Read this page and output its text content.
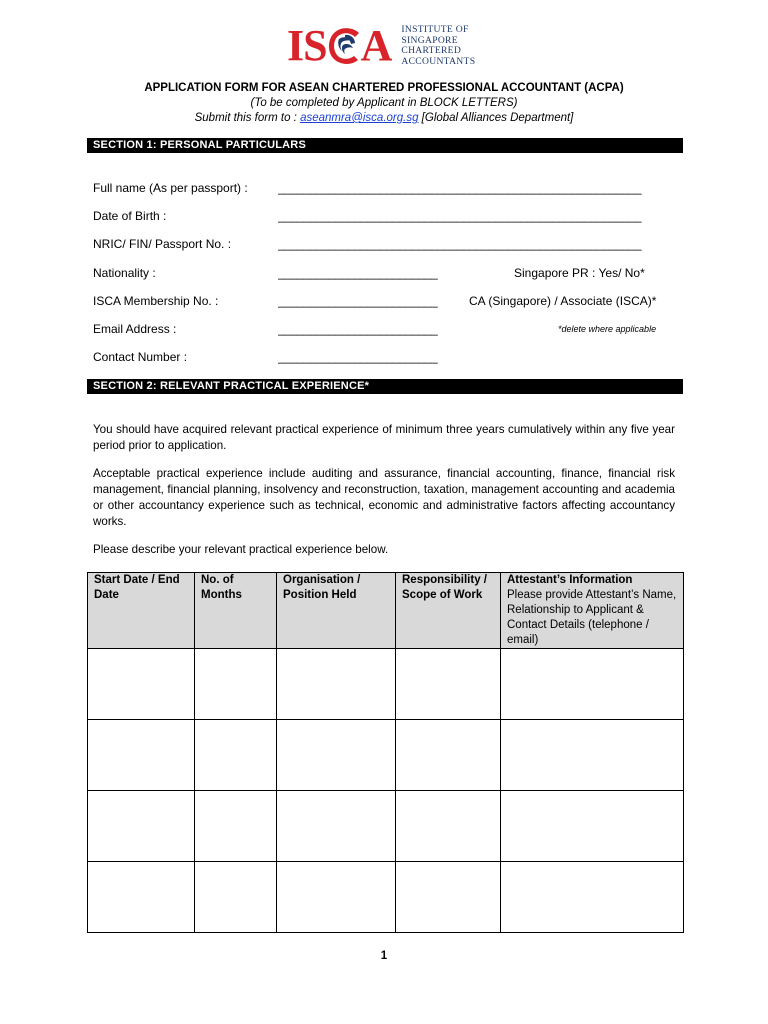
IS A INSTITUTE OF
SINGAPORE
CHARTERED
ACCOUNTANTS
APPLICATION FORM FOR ASEAN CHARTERED PROFESSIONAL ACCOUNTANT (ACPA)
(To be completed by Applicant in BLOCK LETTERS)
Submit this form to : aseanmra@isca.org.sg [Global Alliances Department]
SECTION 1: PERSONAL PARTICULARS
Full name (As per passport) :	_________________________________________________________
Date of Birth :	_________________________________________________________
NRIC/ FIN/ Passport No. :	_________________________________________________________
Nationality :	_________________________	Singapore PR : Yes/ No*
ISCA Membership No. :	_________________________	CA (Singapore) / Associate (ISCA)*
Email Address :	_________________________	*delete where applicable
Contact Number :	_________________________
SECTION 2: RELEVANT PRACTICAL EXPERIENCE*
You should have acquired relevant practical experience of minimum three years cumulatively within any five year period prior to application.
Acceptable practical experience include auditing and assurance, financial accounting, finance, financial risk management, financial planning, insolvency and reconstruction, taxation, management accounting and academia or other accountancy experience such as technical, economic and administrative factors affecting accountancy works.
Please describe your relevant practical experience below.
Start Date / End Date	No. of Months	Organisation / Position Held	Responsibility / Scope of Work	Attestant’s Information
Please provide Attestant’s Name, Relationship to Applicant & Contact Details (telephone / email)

1
